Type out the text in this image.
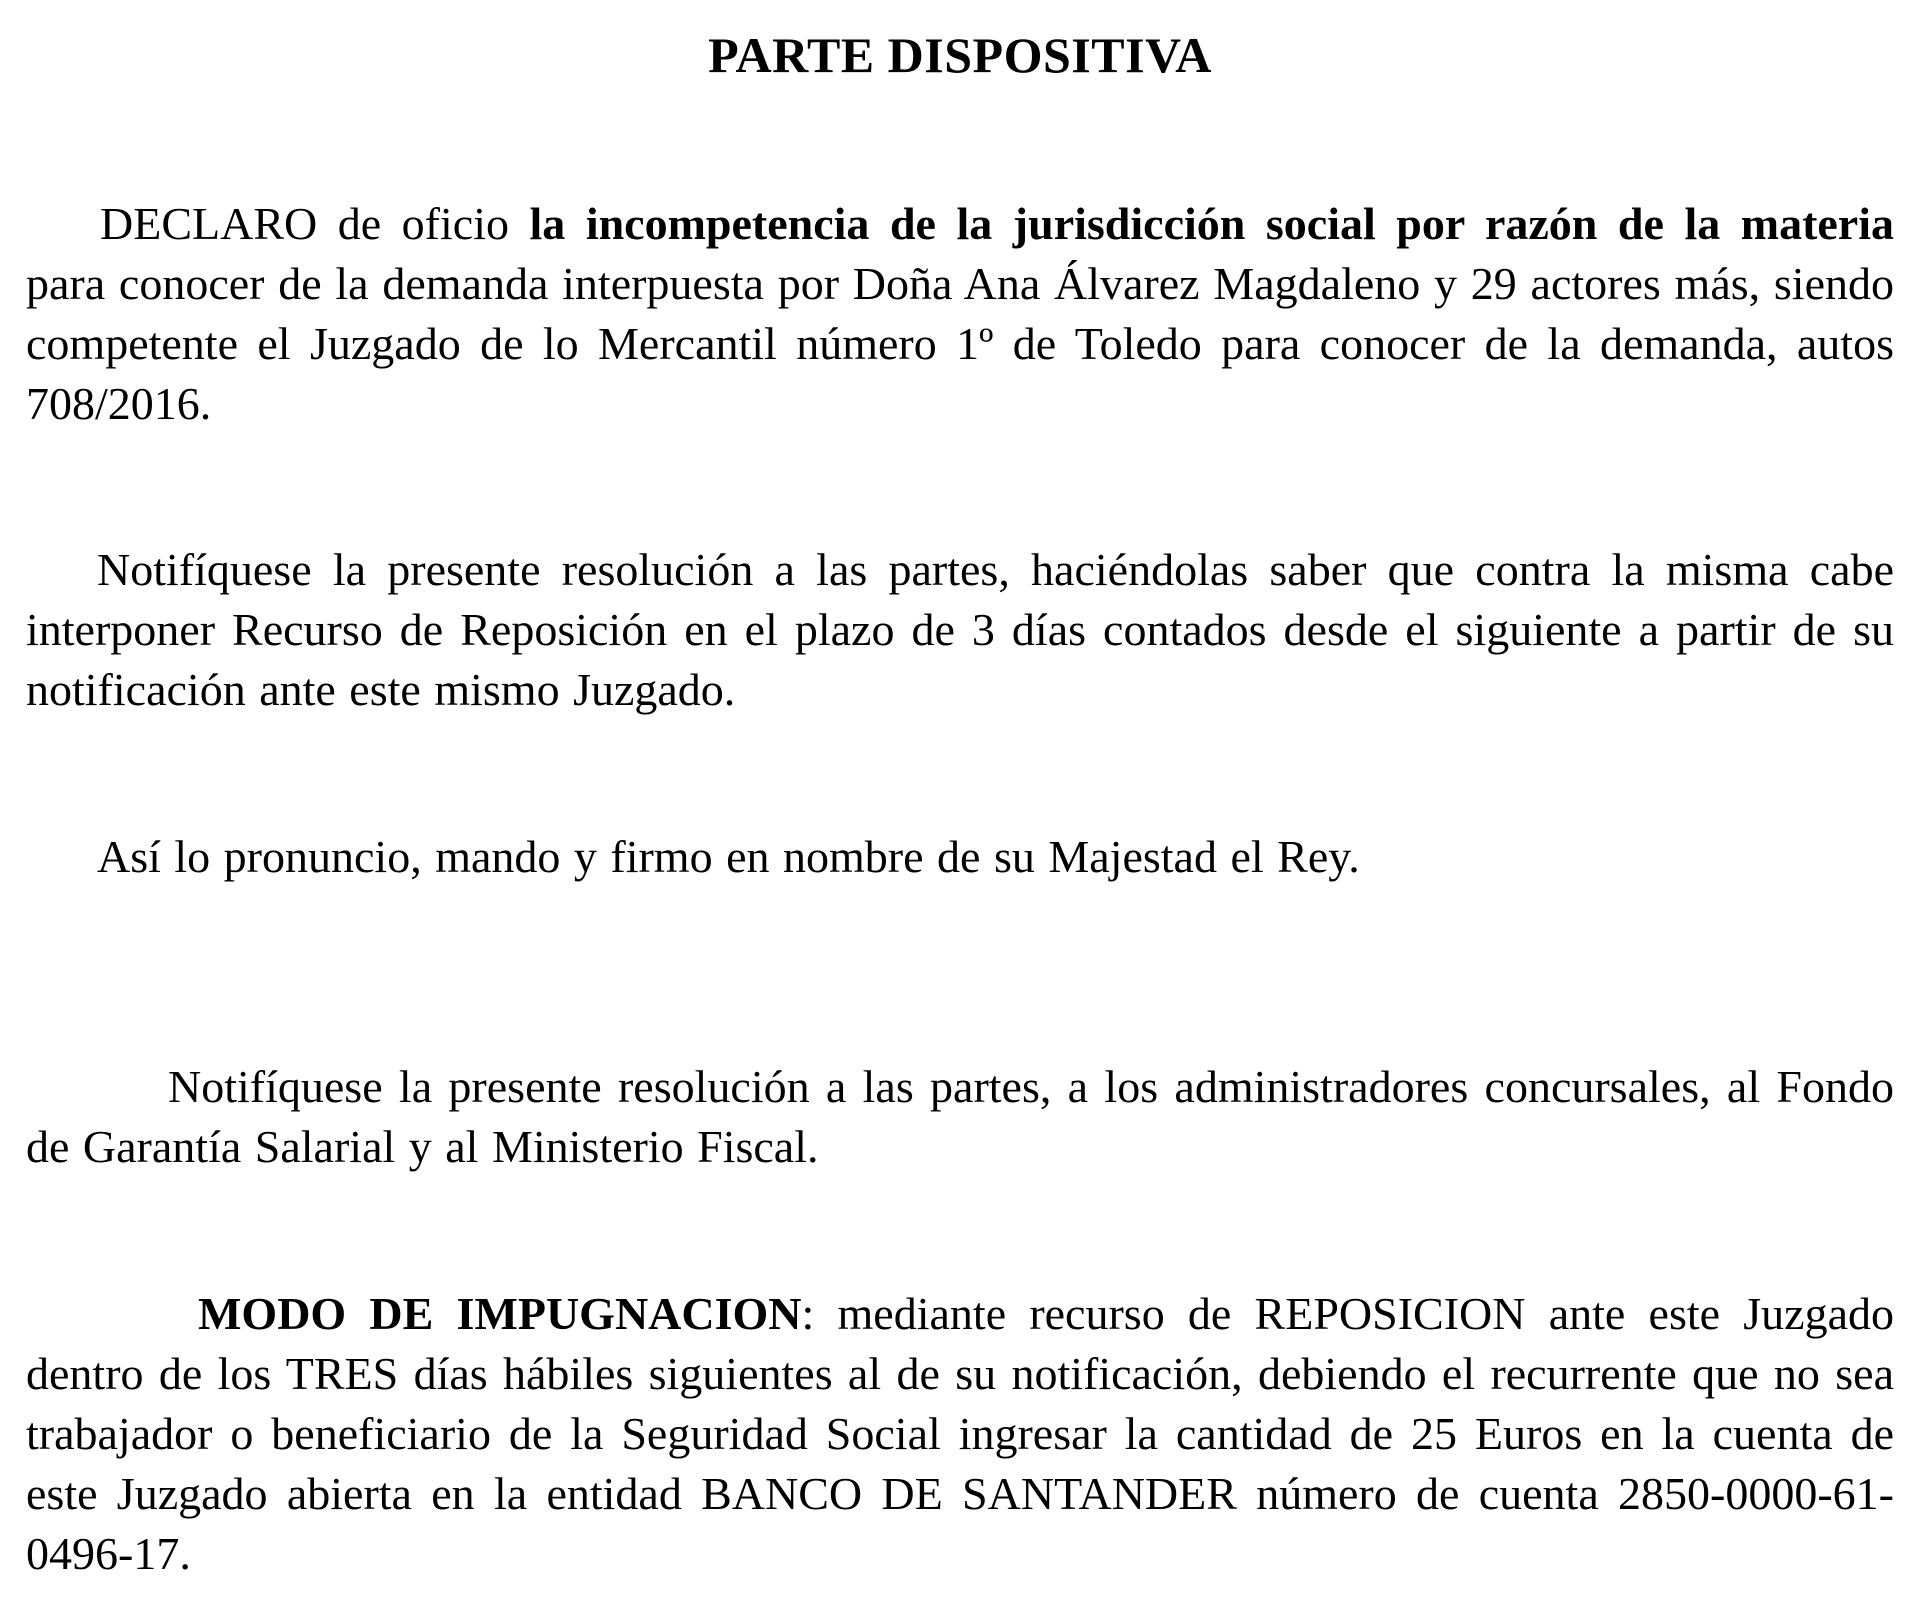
PARTE DISPOSITIVA

DECLARO de oficio la incompetencia de la jurisdicción social por razón de la materia para conocer de la demanda interpuesta por Doña Ana Álvarez Magdaleno y 29 actores más, siendo competente el Juzgado de lo Mercantil número 1º de Toledo para conocer de la demanda, autos 708/2016.

Notifíquese la presente resolución a las partes, haciéndolas saber que contra la misma cabe interponer Recurso de Reposición en el plazo de 3 días contados desde el siguiente a partir de su notificación ante este mismo Juzgado.

Así lo pronuncio, mando y firmo en nombre de su Majestad el Rey.

Notifíquese la presente resolución a las partes, a los administradores concursales, al Fondo de Garantía Salarial y al Ministerio Fiscal.

MODO DE IMPUGNACION: mediante recurso de REPOSICION ante este Juzgado dentro de los TRES días hábiles siguientes al de su notificación, debiendo el recurrente que no sea trabajador o beneficiario de la Seguridad Social ingresar la cantidad de 25 Euros en la cuenta de este Juzgado abierta en la entidad BANCO DE SANTANDER número de cuenta 2850-0000-61-0496-17.
